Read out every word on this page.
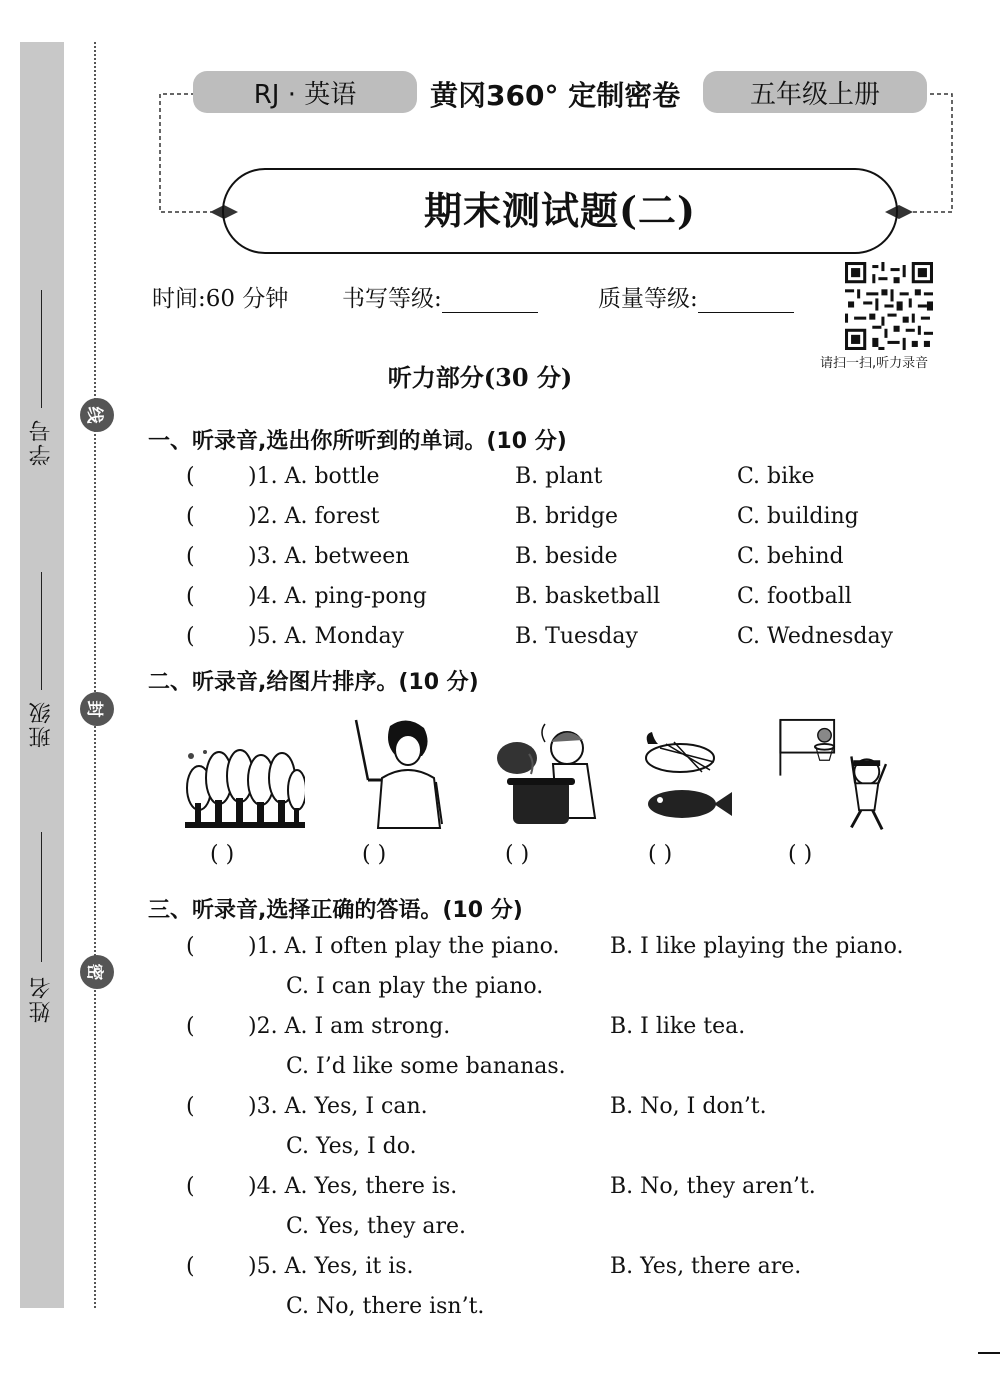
学号
班级
姓名
线
封
密
RJ · 英语	黄冈360° 定制密卷	五年级上册
期末测试题(二)
时间:60 分钟 书写等级:	质量等级:
请扫一扫,听力录音
听力部分(30 分)
一、听录音,选出你所听到的单词。(10 分)
( )1. A. bottle	B. plant	C. bike
( )2. A. forest	B. bridge	C. building
( )3. A. between	B. beside	C. behind
( )4. A. ping-pong	B. basketball	C. football
( )5. A. Monday	B. Tuesday	C. Wednesday
二、听录音,给图片排序。(10 分)
( )	( )	( )	( )	( )
三、听录音,选择正确的答语。(10 分)
( )1. A. I often play the piano. B. I like playing the piano.
C. I can play the piano.
( )2. A. I am strong.	B. I like tea.
C. I’d like some bananas.
( )3. A. Yes, I can.	B. No, I don’t.
C. Yes, I do.
( )4. A. Yes, there is.	B. No, they aren’t.
C. Yes, they are.
( )5. A. Yes, it is.	B. Yes, there are.
C. No, there isn’t.
